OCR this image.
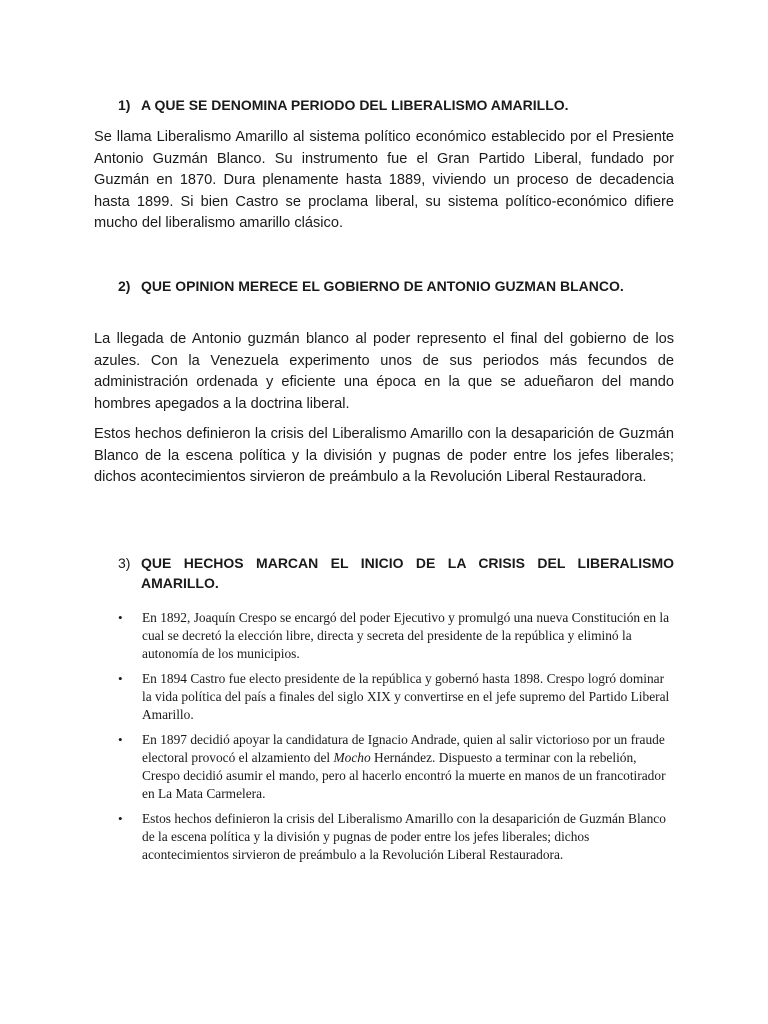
1) A QUE SE DENOMINA PERIODO DEL LIBERALISMO AMARILLO.

Se llama Liberalismo Amarillo al sistema político económico establecido por el Presiente Antonio Guzmán Blanco. Su instrumento fue el Gran Partido Liberal, fundado por Guzmán en 1870. Dura plenamente hasta 1889, viviendo un proceso de decadencia hasta 1899. Si bien Castro se proclama liberal, su sistema político-económico difiere mucho del liberalismo amarillo clásico.

2) QUE OPINION MERECE EL GOBIERNO DE ANTONIO GUZMAN BLANCO.

La llegada de Antonio guzmán blanco al poder represento el final del gobierno de los azules. Con la Venezuela experimento unos de sus periodos más fecundos de administración ordenada y eficiente una época en la que se adueñaron del mando hombres apegados a la doctrina liberal.

Estos hechos definieron la crisis del Liberalismo Amarillo con la desaparición de Guzmán Blanco de la escena política y la división y pugnas de poder entre los jefes liberales; dichos acontecimientos sirvieron de preámbulo a la Revolución Liberal Restauradora.

3) QUE HECHOS MARCAN EL INICIO DE LA CRISIS DEL LIBERALISMO AMARILLO.
• En 1892, Joaquín Crespo se encargó del poder Ejecutivo y promulgó una nueva Constitución en la cual se decretó la elección libre, directa y secreta del presidente de la república y eliminó la autonomía de los municipios.
• En 1894 Castro fue electo presidente de la república y gobernó hasta 1898. Crespo logró dominar la vida política del país a finales del siglo XIX y convertirse en el jefe supremo del Partido Liberal Amarillo.
• En 1897 decidió apoyar la candidatura de Ignacio Andrade, quien al salir victorioso por un fraude electoral provocó el alzamiento del Mocho Hernández. Dispuesto a terminar con la rebelión, Crespo decidió asumir el mando, pero al hacerlo encontró la muerte en manos de un francotirador en La Mata Carmelera.
• Estos hechos definieron la crisis del Liberalismo Amarillo con la desaparición de Guzmán Blanco de la escena política y la división y pugnas de poder entre los jefes liberales; dichos acontecimientos sirvieron de preámbulo a la Revolución Liberal Restauradora.
